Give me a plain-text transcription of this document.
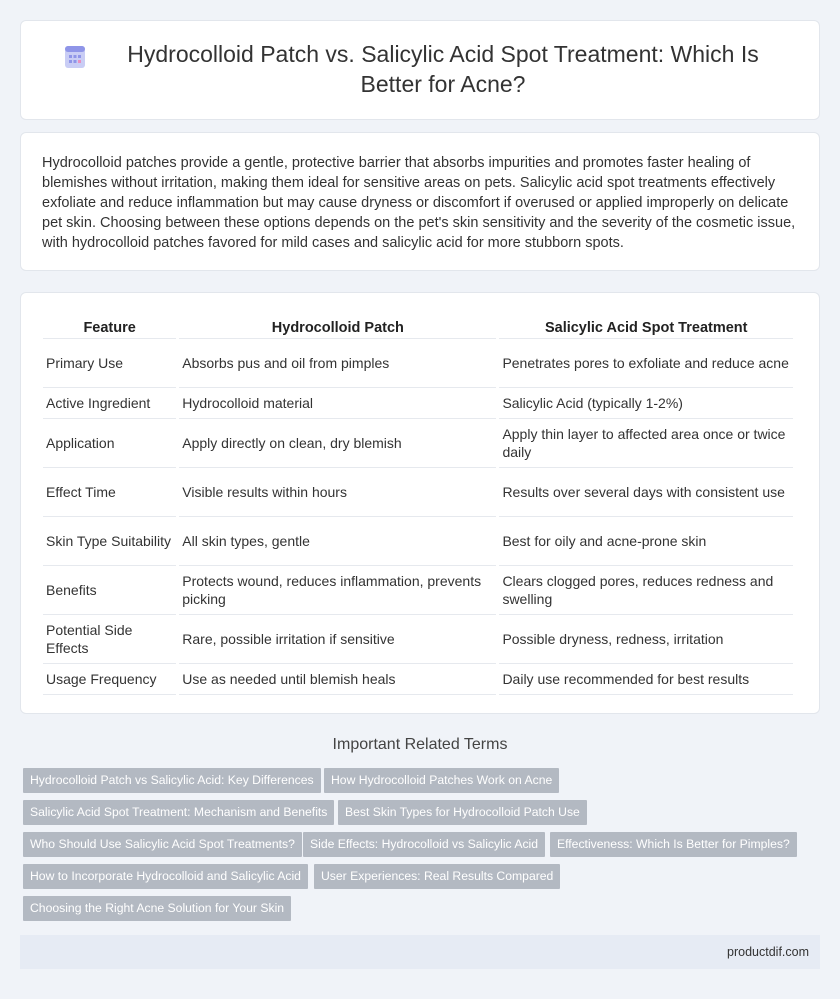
Hydrocolloid Patch vs. Salicylic Acid Spot Treatment: Which Is Better for Acne?

Hydrocolloid patches provide a gentle, protective barrier that absorbs impurities and promotes faster healing of blemishes without irritation, making them ideal for sensitive areas on pets. Salicylic acid spot treatments effectively exfoliate and reduce inflammation but may cause dryness or discomfort if overused or applied improperly on delicate pet skin. Choosing between these options depends on the pet's skin sensitivity and the severity of the cosmetic issue, with hydrocolloid patches favored for mild cases and salicylic acid for more stubborn spots.

Feature	Hydrocolloid Patch	Salicylic Acid Spot Treatment
Primary Use	Absorbs pus and oil from pimples	Penetrates pores to exfoliate and reduce acne
Active Ingredient	Hydrocolloid material	Salicylic Acid (typically 1-2%)
Application	Apply directly on clean, dry blemish	Apply thin layer to affected area once or twice daily
Effect Time	Visible results within hours	Results over several days with consistent use
Skin Type Suitability	All skin types, gentle	Best for oily and acne-prone skin
Benefits	Protects wound, reduces inflammation, prevents picking	Clears clogged pores, reduces redness and swelling
Potential Side Effects	Rare, possible irritation if sensitive	Possible dryness, redness, irritation
Usage Frequency	Use as needed until blemish heals	Daily use recommended for best results
Important Related Terms
Hydrocolloid Patch vs Salicylic Acid: Key Differences	How Hydrocolloid Patches Work on Acne
Salicylic Acid Spot Treatment: Mechanism and Benefits	Best Skin Types for Hydrocolloid Patch Use
Who Should Use Salicylic Acid Spot Treatments?	Side Effects: Hydrocolloid vs Salicylic Acid	Effectiveness: Which Is Better for Pimples?
How to Incorporate Hydrocolloid and Salicylic Acid	User Experiences: Real Results Compared
Choosing the Right Acne Solution for Your Skin
productdif.com
